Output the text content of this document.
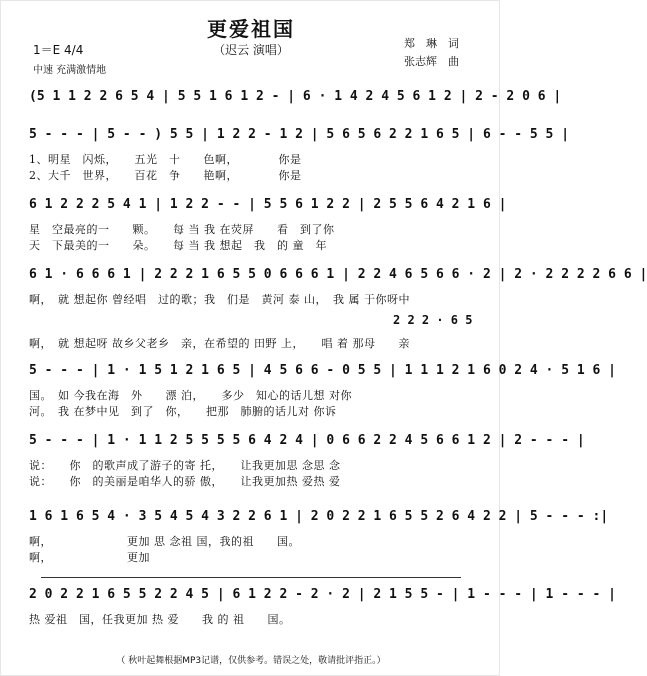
更爱祖国
（迟云 演唱）
1＝E 4/4
中速 充满激情地
郑　琳　词
张志辉　曲
(5 1 1 2 2 6 5 4 | 5 5 1 6 1 2 - | 6 · 1 4 2 4 5 6 1 2 | 2 - 2 0 6 |
5 - - - | 5 - - ) 5 5 | 1 2 2 - 1 2 | 5 6 5 6 2 2 1 6 5 | 6 - - 5 5 |
1、明星　闪烁，　　五光　十　　色啊，　　　　你是
2、大千　世界，　　百花　争　　艳啊，　　　　你是
6 1 2 2 2 5 4 1 | 1 2 2 - - | 5 5 6 1 2 2 | 2 5 5 6 4 2 1 6 |
星　空最亮的一　　颗。　　每 当 我 在荧屏　　看　到了你
天　下最美的一　　朵。　　每 当 我 想起　我　的 童　年
6 1 · 6 6 6 1 | 2 2 2 1 6 5 5 0 6 6 6 1 | 2 2 4 6 5 6 6 · 2 | 2 · 2 2 2 2 6 6 |
啊，　就 想起你 曾经唱　过的歌；我　们是　黄河 泰 山，　我 属 于你呀中
2 2 2 · 6 5
啊，　就 想起呀 故乡父老乡　亲，在希望的 田野 上，　　唱 着 那母　　亲
5 - - - | 1 · 1 5 1 2 1 6 5 | 4 5 6 6 - 0 5 5 | 1 1 1 2 1 6 0 2 4 · 5 1 6 |
国。　如 今我在海　外　　漂 泊，　　多少　知心的话儿想 对你
河。　我 在梦中见　到了　你，　　把那　肺腑的话儿对 你诉
5 - - - | 1 · 1 1 2 5 5 5 5 6 4 2 4 | 0 6 6 2 2 4 5 6 6 1 2 | 2 - - - |
说：　　你　的歌声成了游子的寄 托，　　让我更加思 念思 念
说：　　你　的美丽是咱华人的骄 傲，　　让我更加热 爱热 爱
1 6 1 6 5 4 · 3 5 4 5 4 3 2 2 6 1 | 2 0 2 2 1 6 5 5 2 6 4 2 2 | 5 - - - :|
啊，　　　　　　　更加 思 念祖 国，我的祖　　国。
啊，　　　　　　　更加
2 0 2 2 1 6 5 5 2 2 4 5 | 6 1 2 2 - 2 · 2 | 2 1 5 5 - | 1 - - - | 1 - - - |
热 爱祖　国，任我更加 热 爱　　我 的 祖　　国。
（ 秋叶起舞根据MP3记谱，仅供参考。错误之处，敬请批评指正。）
